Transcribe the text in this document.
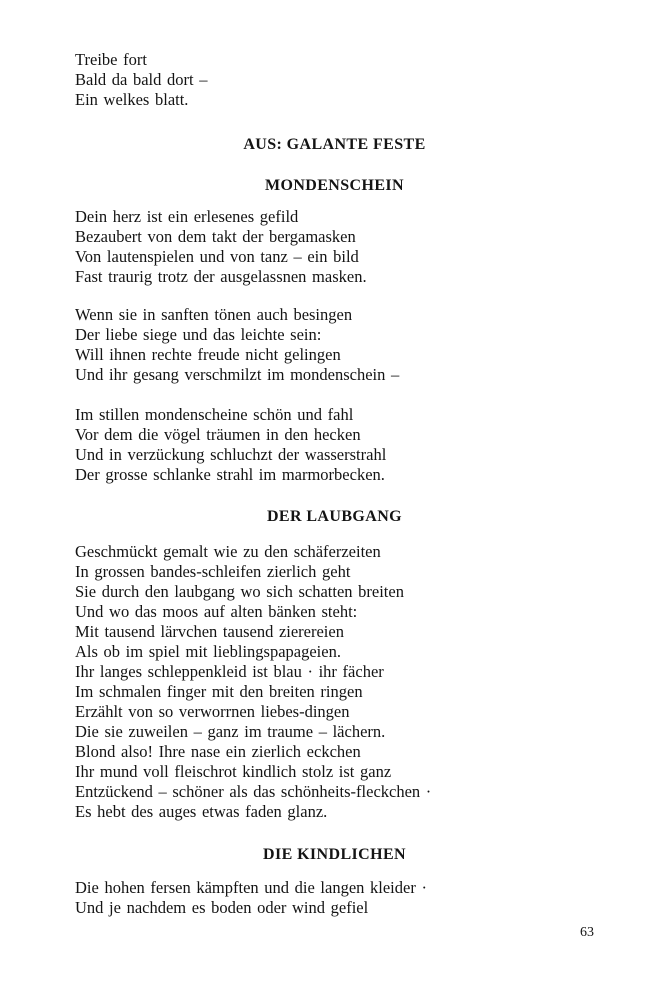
Treibe fort
Bald da bald dort –
Ein welkes blatt.
AUS: GALANTE FESTE
MONDENSCHEIN
Dein herz ist ein erlesenes gefild
Bezaubert von dem takt der bergamasken
Von lautenspielen und von tanz – ein bild
Fast traurig trotz der ausgelassnen masken.
Wenn sie in sanften tönen auch besingen
Der liebe siege und das leichte sein:
Will ihnen rechte freude nicht gelingen
Und ihr gesang verschmilzt im mondenschein –
Im stillen mondenscheine schön und fahl
Vor dem die vögel träumen in den hecken
Und in verzückung schluchzt der wasserstrahl
Der grosse schlanke strahl im marmorbecken.
DER LAUBGANG
Geschmückt gemalt wie zu den schäferzeiten
In grossen bandes-schleifen zierlich geht
Sie durch den laubgang wo sich schatten breiten
Und wo das moos auf alten bänken steht:
Mit tausend lärvchen tausend zierereien
Als ob im spiel mit lieblingspapageien.
Ihr langes schleppenkleid ist blau · ihr fächer
Im schmalen finger mit den breiten ringen
Erzählt von so verworrnen liebes-dingen
Die sie zuweilen – ganz im traume – lächern.
Blond also! Ihre nase ein zierlich eckchen
Ihr mund voll fleischrot kindlich stolz ist ganz
Entzückend – schöner als das schönheits-fleckchen ·
Es hebt des auges etwas faden glanz.
DIE KINDLICHEN
Die hohen fersen kämpften und die langen kleider ·
Und je nachdem es boden oder wind gefiel
63
